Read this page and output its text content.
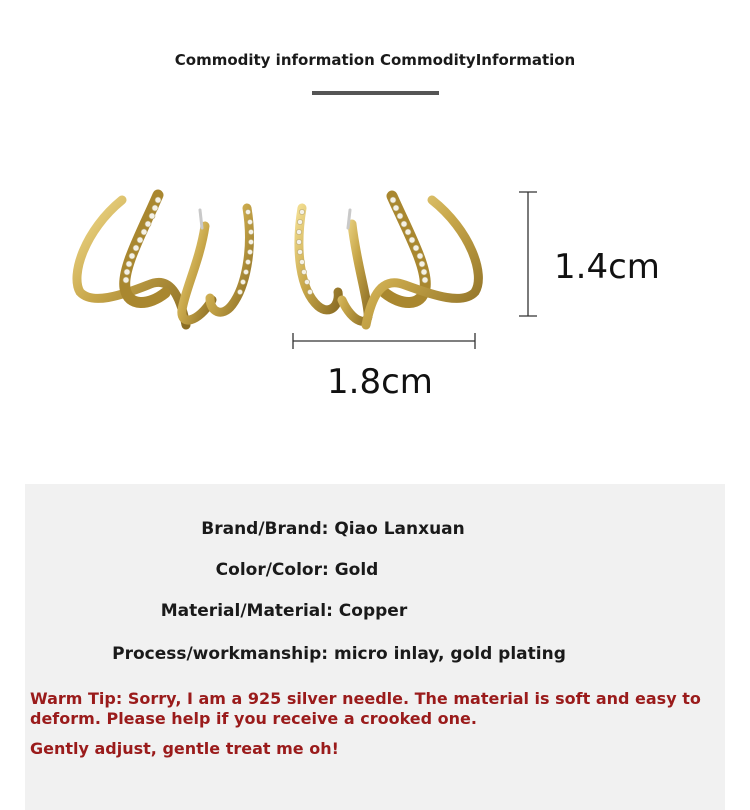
Commodity information CommodityInformation
1.8cm
1.4cm
Brand/Brand: Qiao Lanxuan
Color/Color: Gold
Material/Material: Copper
Process/workmanship: micro inlay, gold plating
Warm Tip: Sorry, I am a 925 silver needle. The material is soft and easy to deform. Please help if you receive a crooked one.
Gently adjust, gentle treat me oh!
